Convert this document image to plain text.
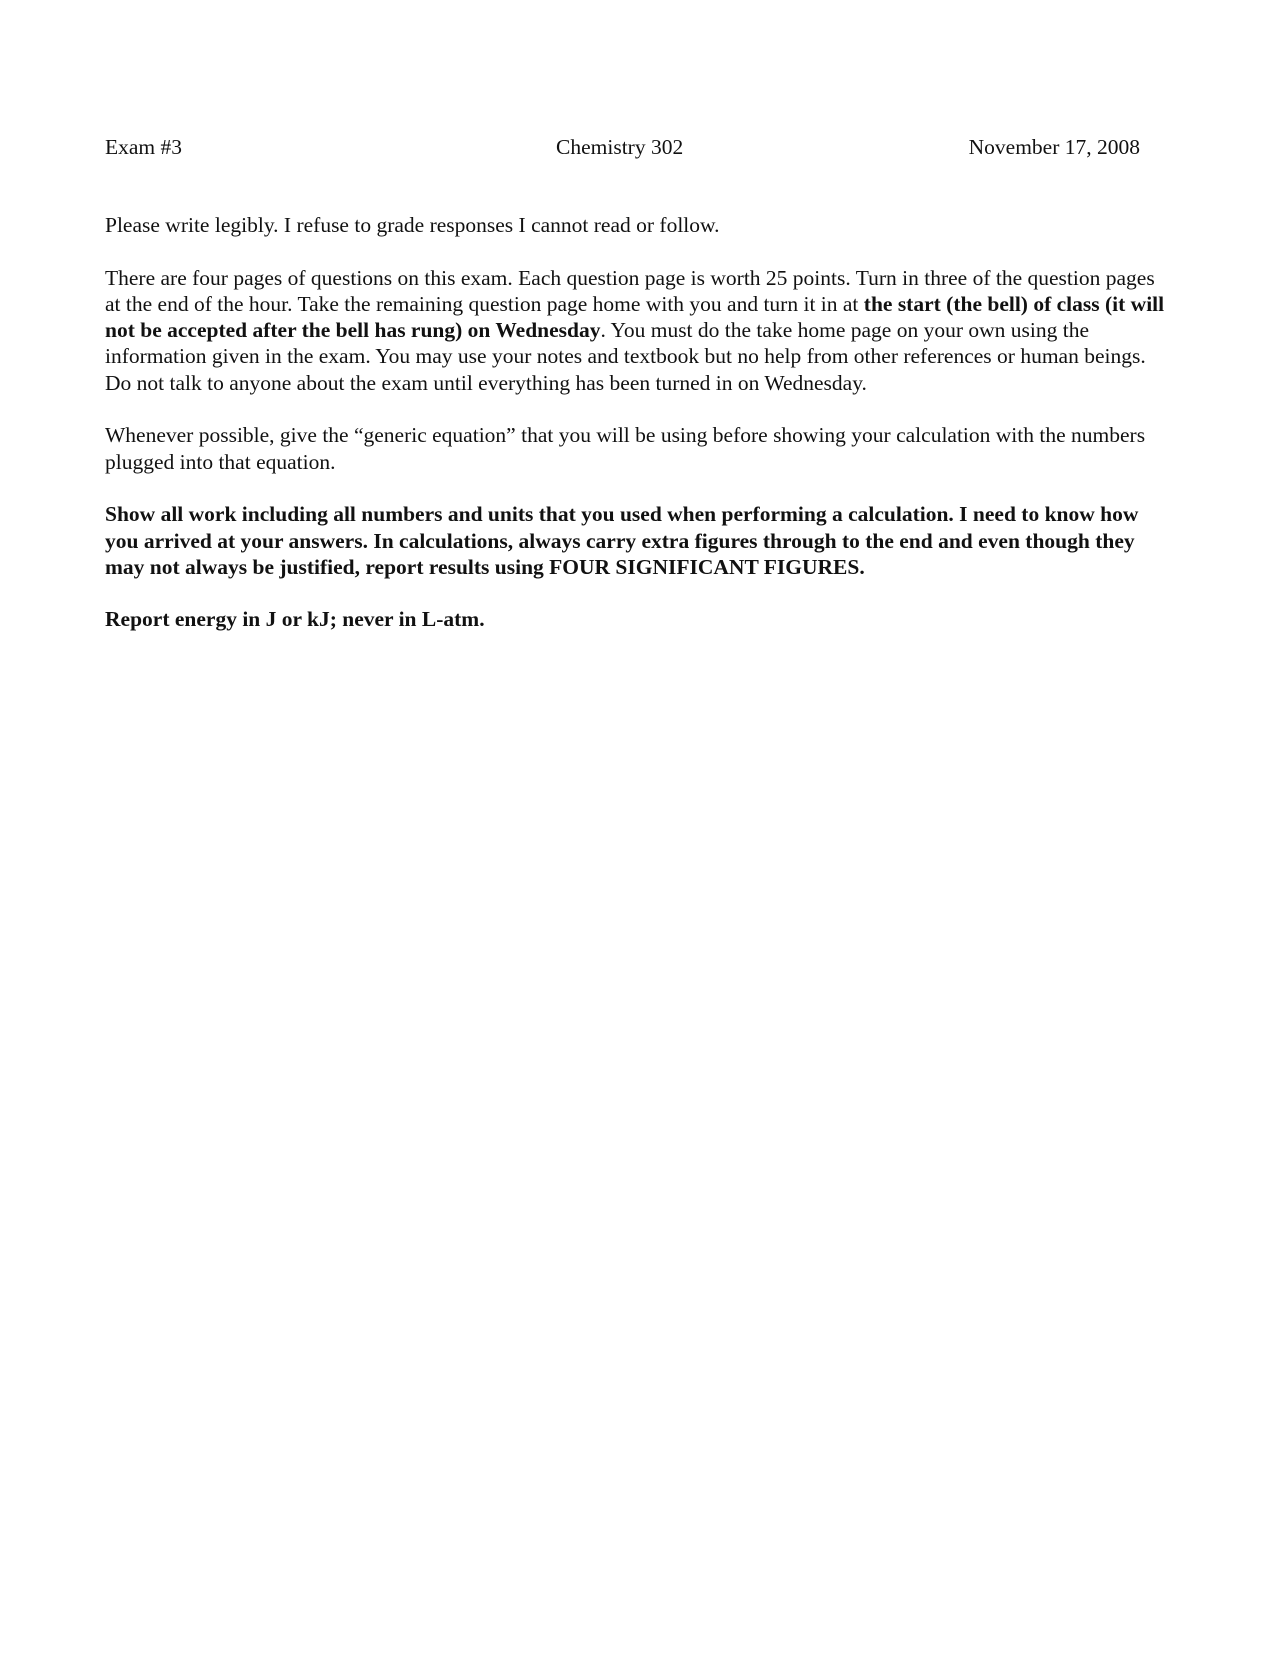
Exam #3	Chemistry 302	November 17, 2008

Please write legibly. I refuse to grade responses I cannot read or follow.

There are four pages of questions on this exam. Each question page is worth 25 points. Turn in three of the question pages at the end of the hour. Take the remaining question page home with you and turn it in at the start (the bell) of class (it will not be accepted after the bell has rung) on Wednesday. You must do the take home page on your own using the information given in the exam. You may use your notes and textbook but no help from other references or human beings. Do not talk to anyone about the exam until everything has been turned in on Wednesday.

Whenever possible, give the “generic equation” that you will be using before showing your calculation with the numbers plugged into that equation.

Show all work including all numbers and units that you used when performing a calculation. I need to know how you arrived at your answers. In calculations, always carry extra figures through to the end and even though they may not always be justified, report results using FOUR SIGNIFICANT FIGURES.

Report energy in J or kJ; never in L-atm.
